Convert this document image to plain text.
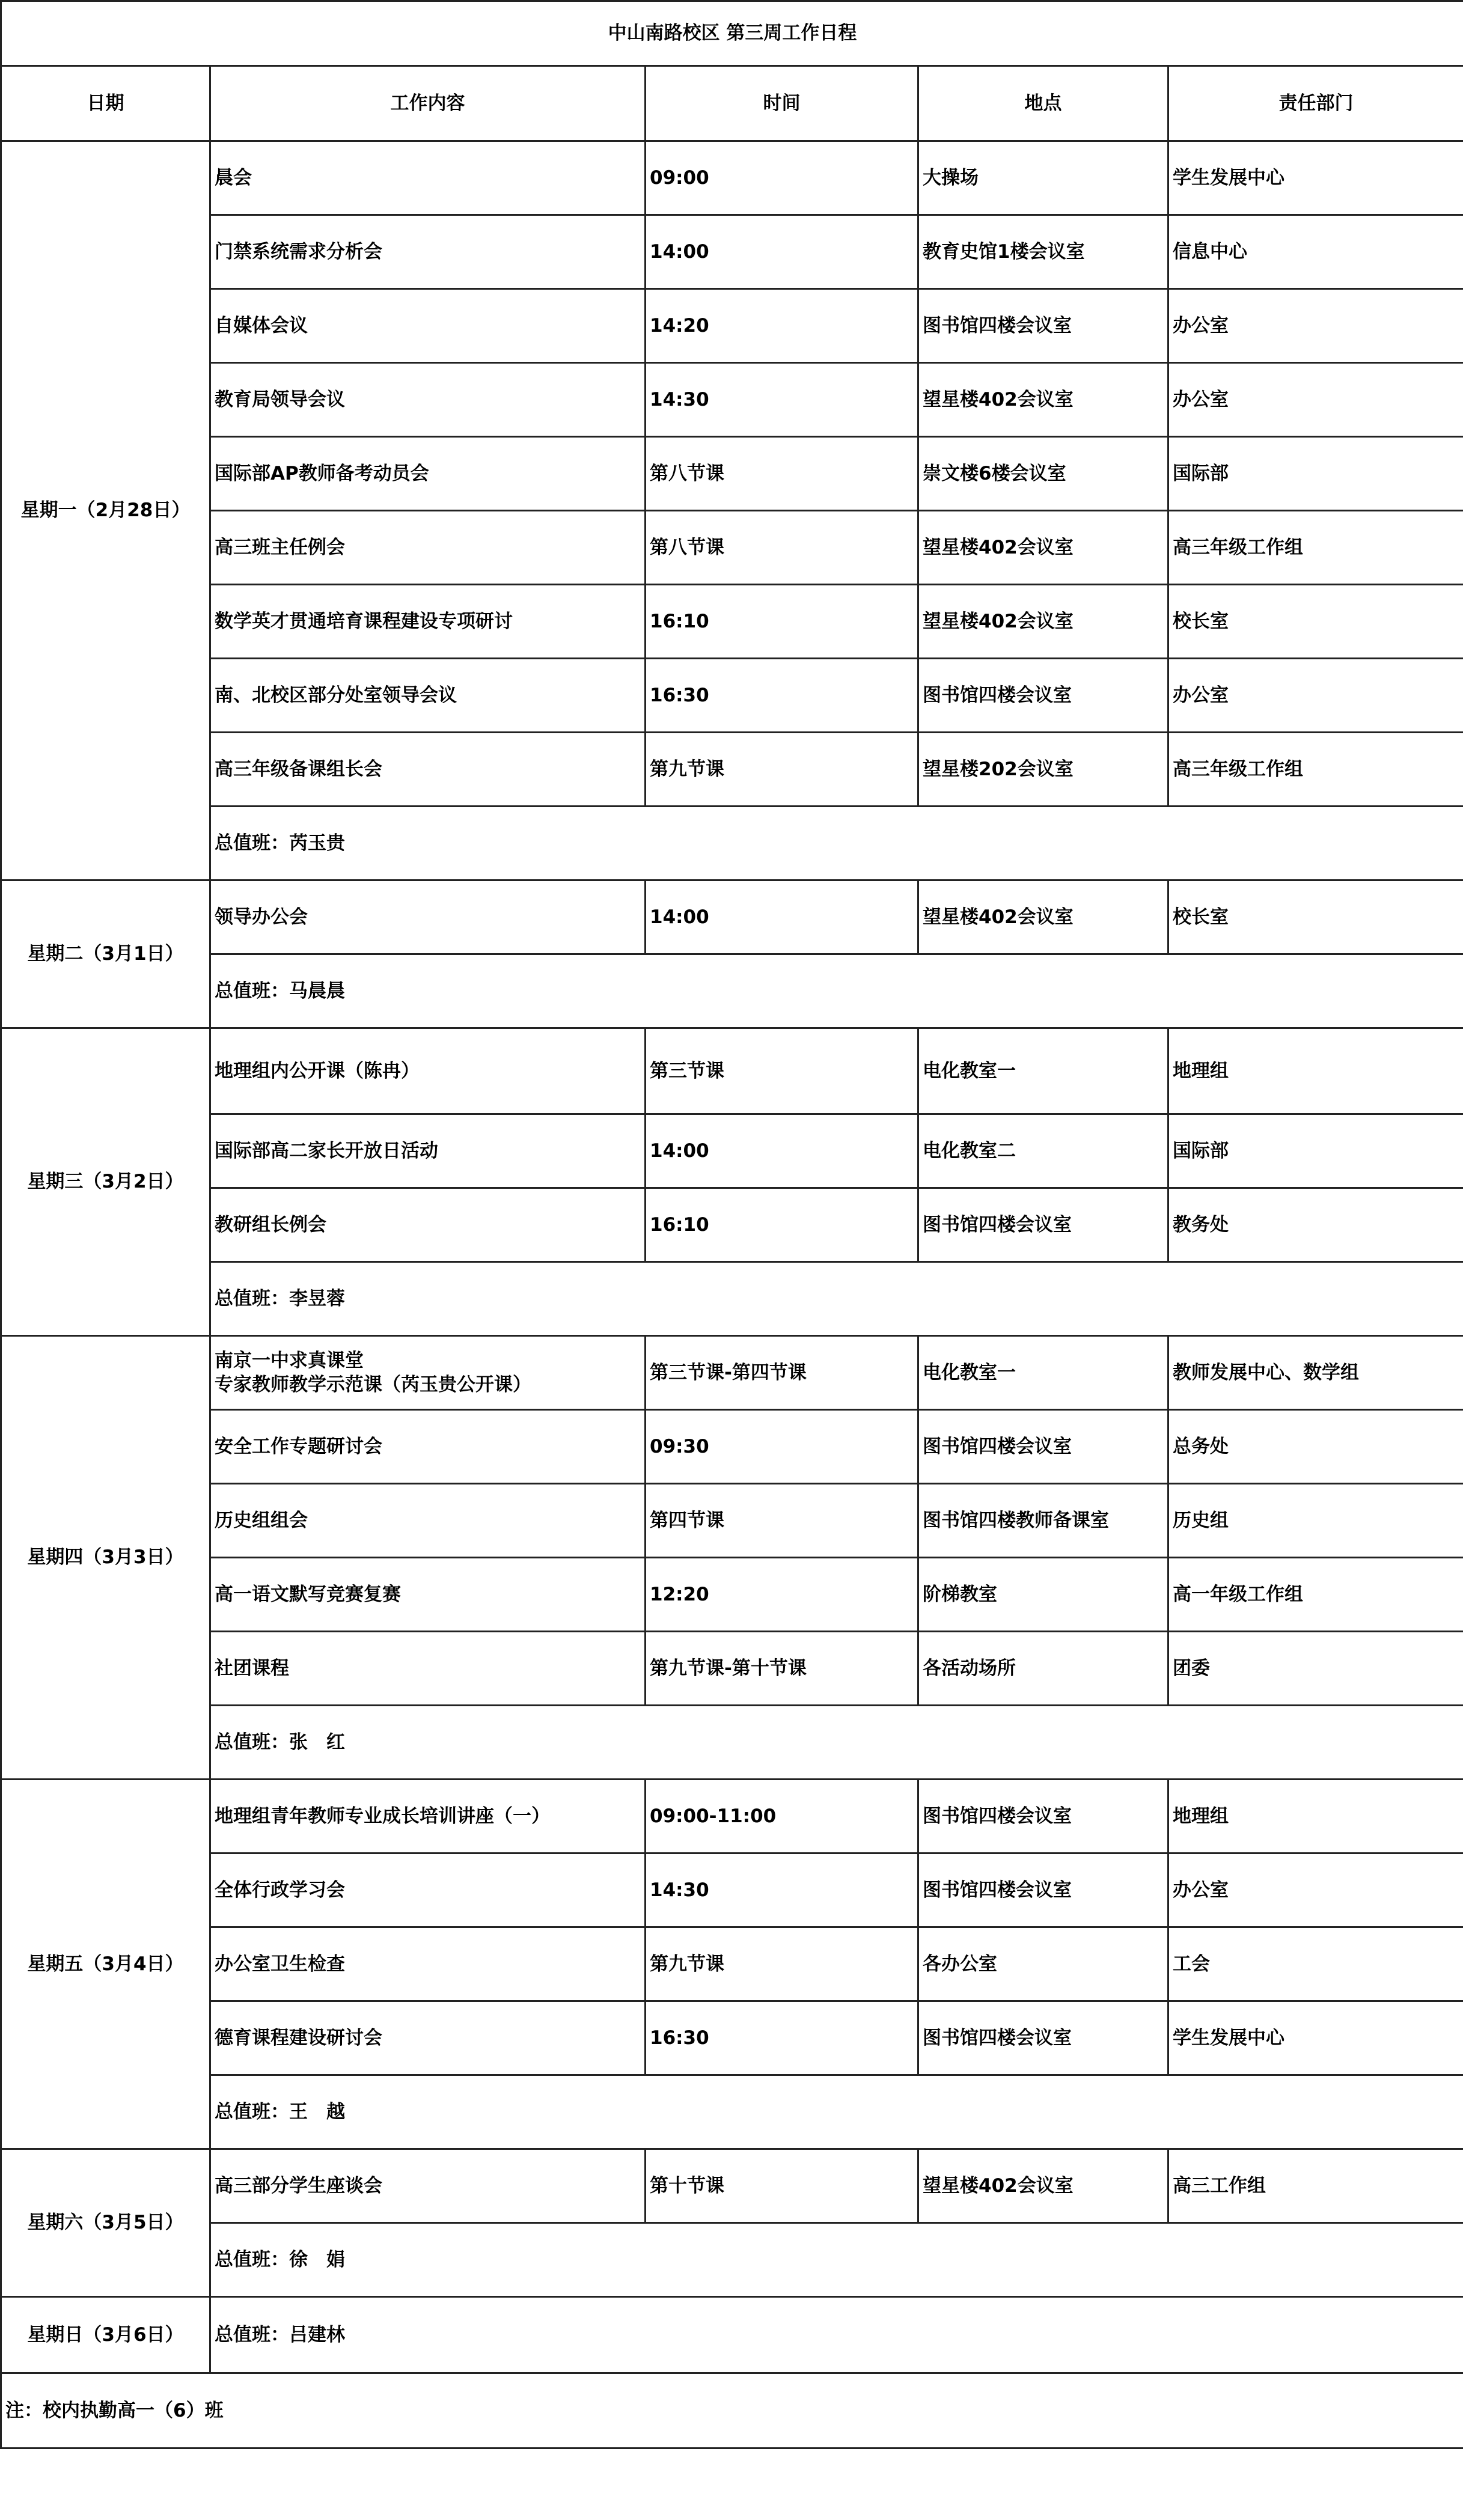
中山南路校区 第三周工作日程				
日期	工作内容	时间	地点	责任部门
星期一（2月28日）	晨会	09:00	大操场	学生发展中心
	门禁系统需求分析会	14:00	教育史馆1楼会议室	信息中心
	自媒体会议	14:20	图书馆四楼会议室	办公室
	教育局领导会议	14:30	望星楼402会议室	办公室
	国际部AP教师备考动员会	第八节课	崇文楼6楼会议室	国际部
	高三班主任例会	第八节课	望星楼402会议室	高三年级工作组
	数学英才贯通培育课程建设专项研讨	16:10	望星楼402会议室	校长室
	南、北校区部分处室领导会议	16:30	图书馆四楼会议室	办公室
	高三年级备课组长会	第九节课	望星楼202会议室	高三年级工作组
	总值班：芮玉贵			
星期二（3月1日）	领导办公会	14:00	望星楼402会议室	校长室
	总值班：马晨晨			
星期三（3月2日）	地理组内公开课（陈冉）	第三节课	电化教室一	地理组
	国际部高二家长开放日活动	14:00	电化教室二	国际部
	教研组长例会	16:10	图书馆四楼会议室	教务处
	总值班：李昱蓉			
星期四（3月3日）	南京一中求真课堂
专家教师教学示范课（芮玉贵公开课）	第三节课-第四节课	电化教室一	教师发展中心、数学组
	安全工作专题研讨会	09:30	图书馆四楼会议室	总务处
	历史组组会	第四节课	图书馆四楼教师备课室	历史组
	高一语文默写竞赛复赛	12:20	阶梯教室	高一年级工作组
	社团课程	第九节课-第十节课	各活动场所	团委
	总值班：张　红			
星期五（3月4日）	地理组青年教师专业成长培训讲座（一）	09:00-11:00	图书馆四楼会议室	地理组
	全体行政学习会	14:30	图书馆四楼会议室	办公室
	办公室卫生检查	第九节课	各办公室	工会
	德育课程建设研讨会	16:30	图书馆四楼会议室	学生发展中心
	总值班：王　越			
星期六（3月5日）	高三部分学生座谈会	第十节课	望星楼402会议室	高三工作组
	总值班：徐　娟			
星期日（3月6日）	总值班：吕建林			
注：校内执勤高一（6）班				
